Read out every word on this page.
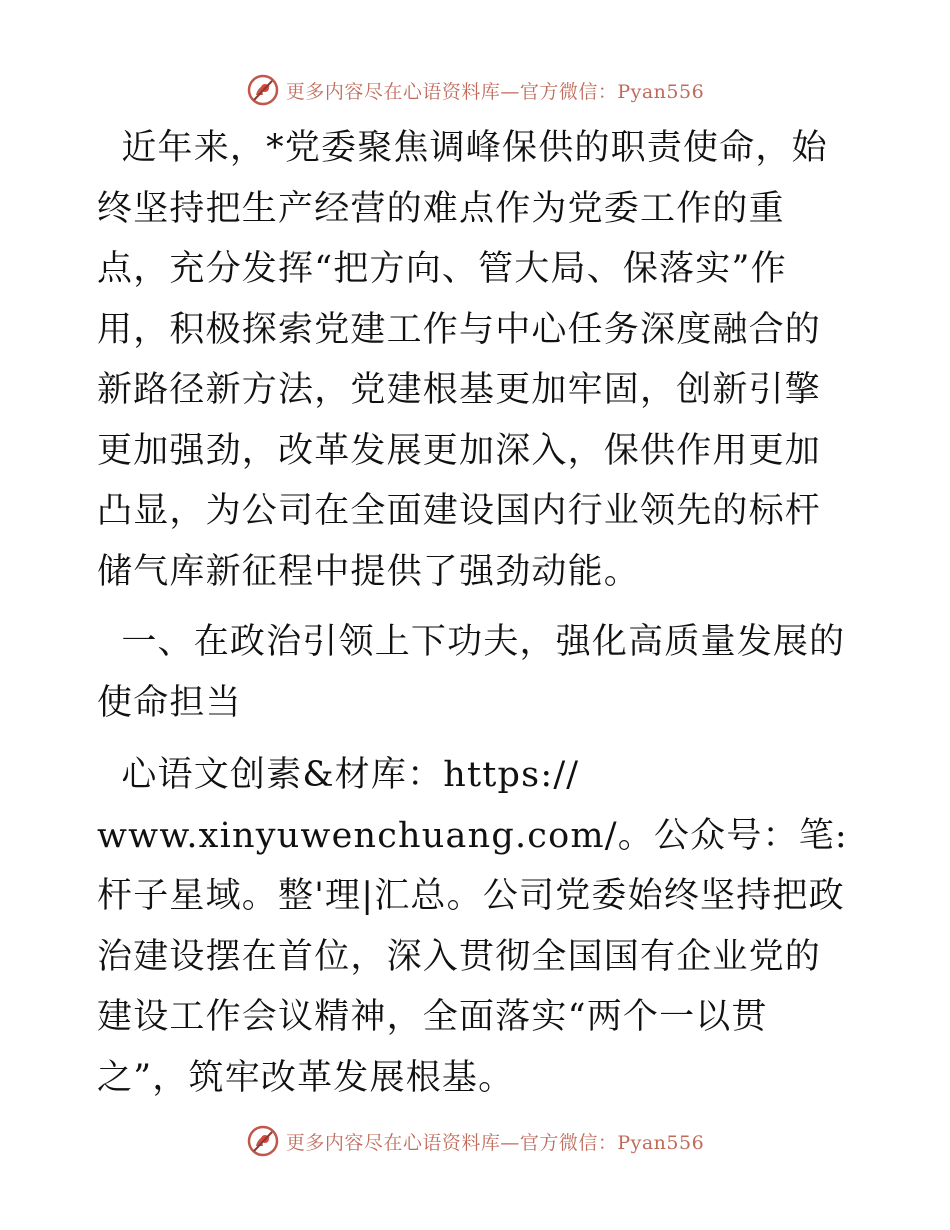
更多内容尽在心语资料库—官方微信：Pyan556

近年来，*党委聚焦调峰保供的职责使命，始终坚持把生产经营的难点作为党委工作的重点，充分发挥“把方向、管大局、保落实”作用，积极探索党建工作与中心任务深度融合的新路径新方法，党建根基更加牢固，创新引擎更加强劲，改革发展更加深入，保供作用更加凸显，为公司在全面建设国内行业领先的标杆储气库新征程中提供了强劲动能。

一、在政治引领上下功夫，强化高质量发展的使命担当

心语文创素&材库：https://
www.xinyuwenchuang.com/。公众号：笔:杆子星域。整'理|汇总。公司党委始终坚持把政治建设摆在首位，深入贯彻全国国有企业党的建设工作会议精神，全面落实“两个一以贯之”，筑牢改革发展根基。

更多内容尽在心语资料库—官方微信：Pyan556
